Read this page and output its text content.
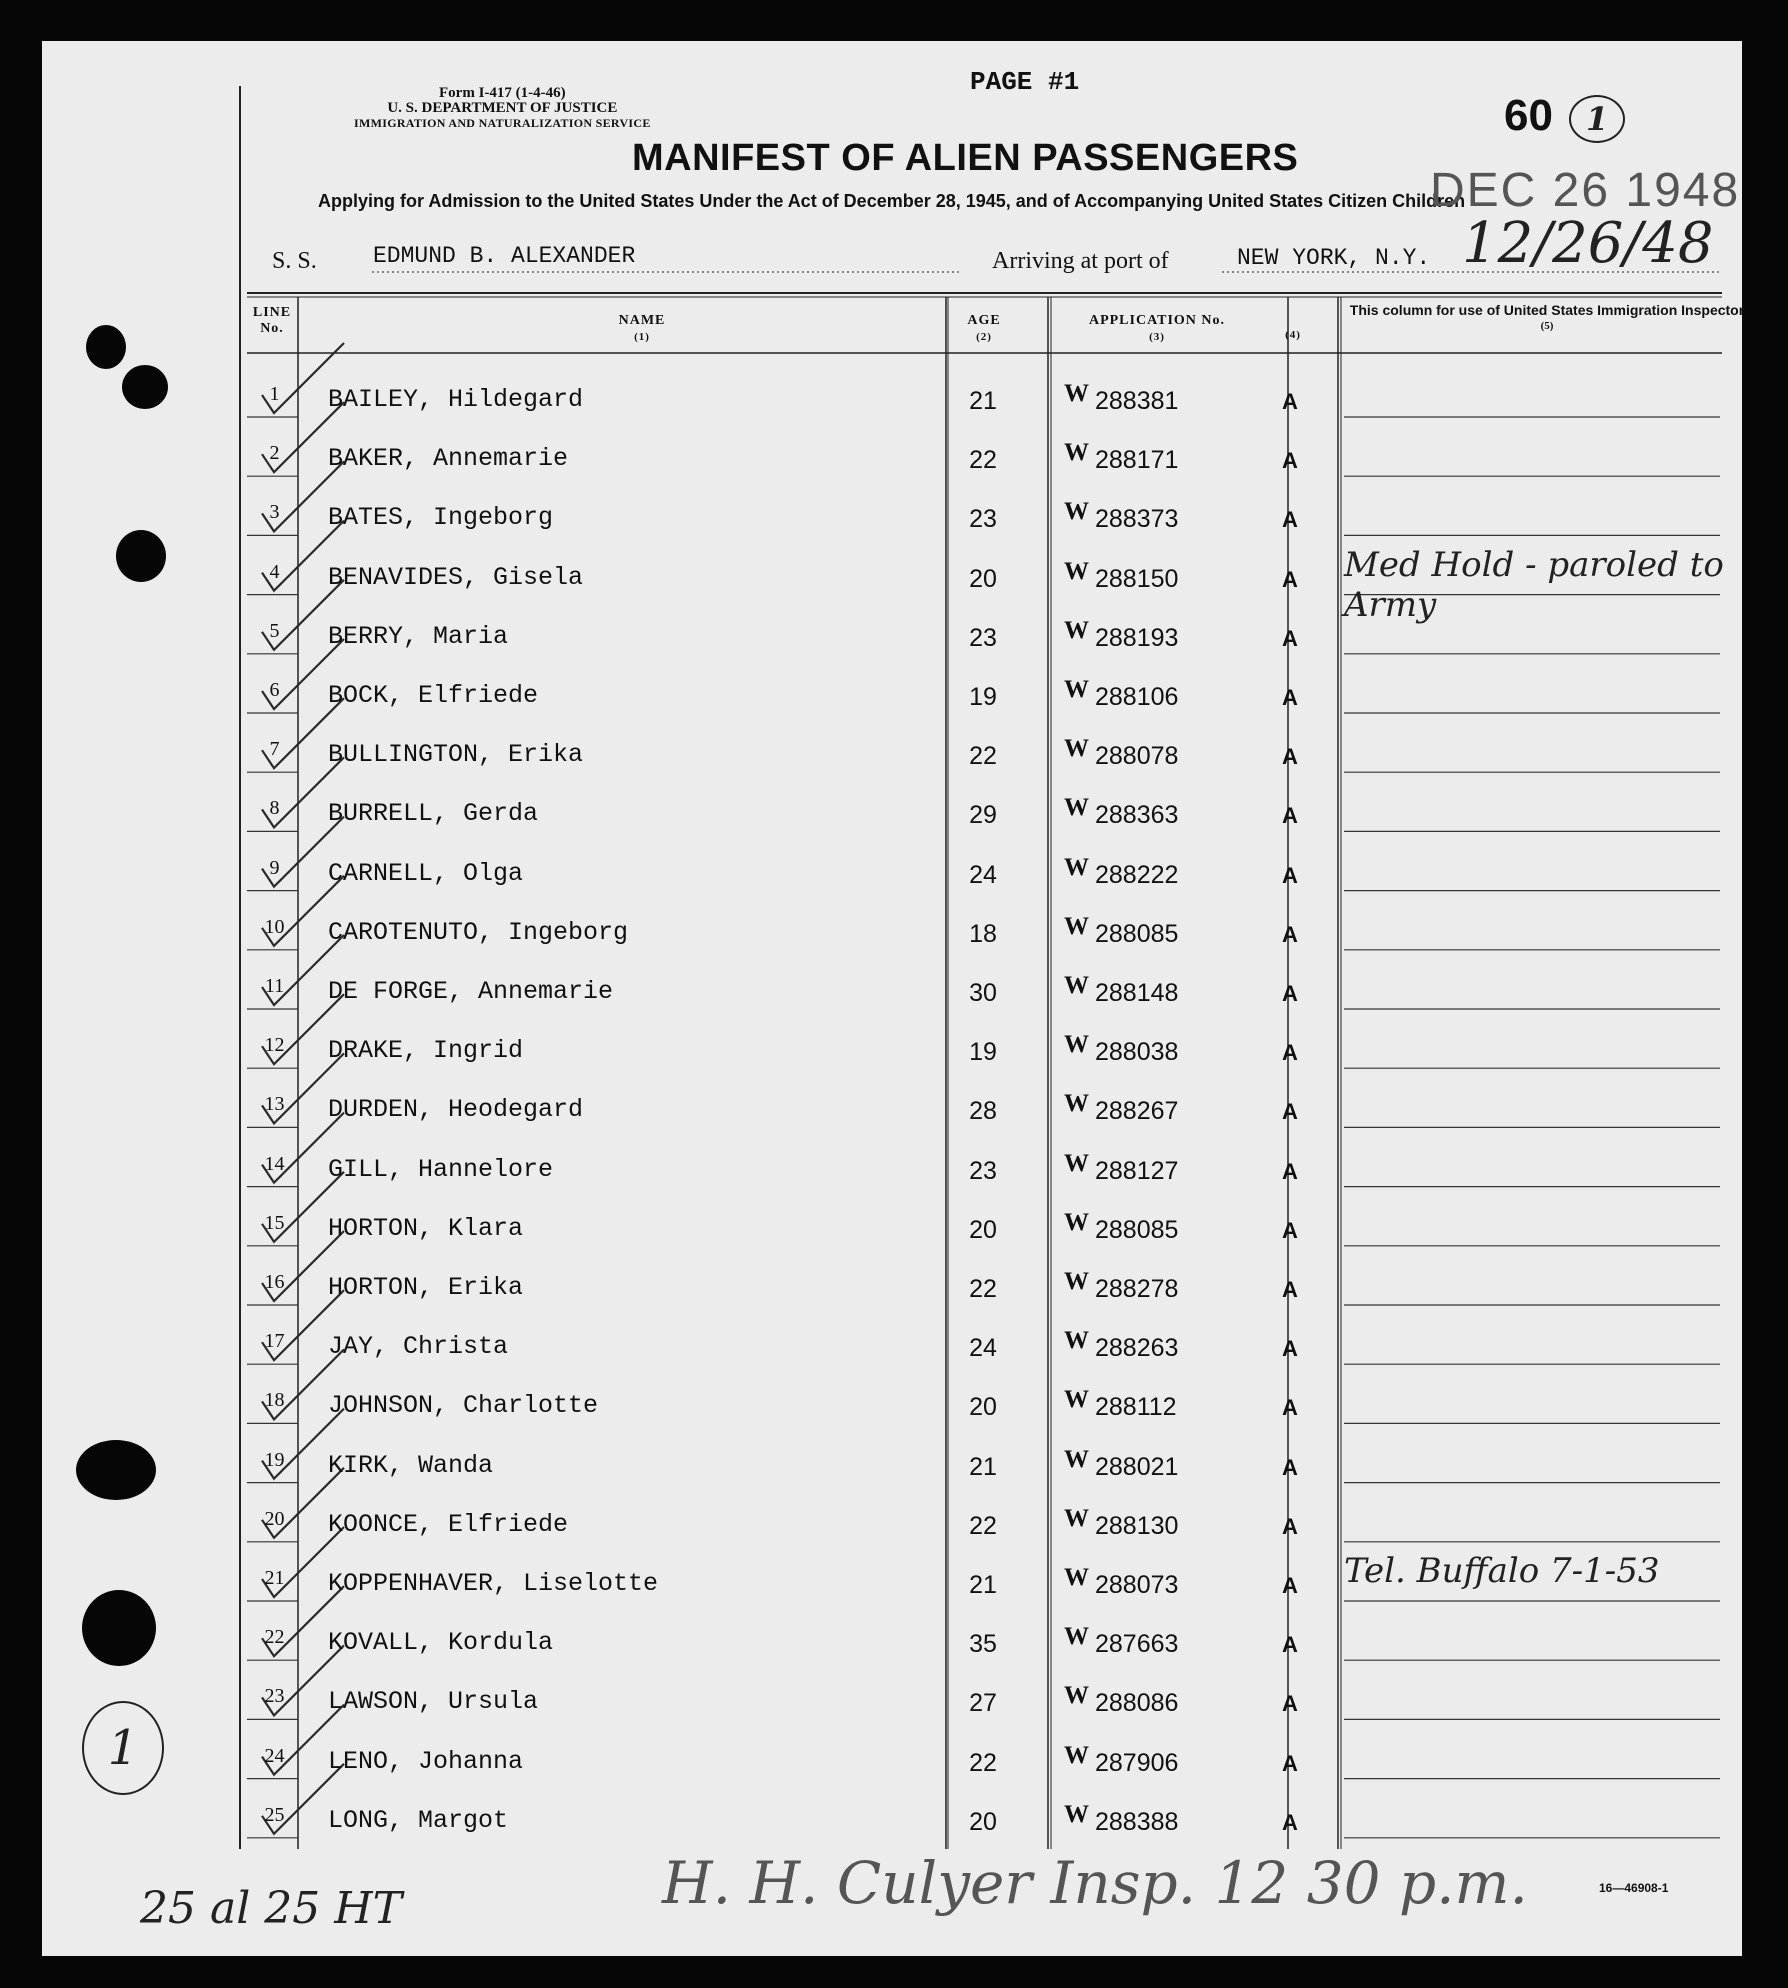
Form I-417 (1-4-46)
U. S. DEPARTMENT OF JUSTICE
IMMIGRATION AND NATURALIZATION SERVICE
PAGE #1
60 1
MANIFEST OF ALIEN PASSENGERS
Applying for Admission to the United States Under the Act of December 28, 1945, and of Accompanying United States Citizen Children
DEC 26 1948
S. S. EDMUND B. ALEXANDER	Arriving at port of	NEW YORK, N.Y. 12/26/48
LINE No.
NAME
(1)
AGE
(2)
APPLICATION No.
(3)	(4)
This column for use of United States Immigration Inspector
(5)
1	BAILEY, Hildegard	21	W 288381	A
2	BAKER, Annemarie	22	W 288171	A
3	BATES, Ingeborg	23	W 288373	A
4	BENAVIDES, Gisela	20	W 288150	A	Med Hold - paroled to Army
5	BERRY, Maria	23	W 288193	A
6	BOCK, Elfriede	19	W 288106	A
7	BULLINGTON, Erika	22	W 288078	A
8	BURRELL, Gerda	29	W 288363	A
9	CARNELL, Olga	24	W 288222	A
10	CAROTENUTO, Ingeborg	18	W 288085	A
11	DE FORGE, Annemarie	30	W 288148	A
12	DRAKE, Ingrid	19	W 288038	A
13	DURDEN, Heodegard	28	W 288267	A
14	GILL, Hannelore	23	W 288127	A
15	HORTON, Klara	20	W 288085	A
16	HORTON, Erika	22	W 288278	A
17	JAY, Christa	24	W 288263	A
18	JOHNSON, Charlotte	20	W 288112	A
19	KIRK, Wanda	21	W 288021	A
20	KOONCE, Elfriede	22	W 288130	A
21	KOPPENHAVER, Liselotte	21	W 288073	A	Tel. Buffalo 7-1-53
22	KOVALL, Kordula	35	W 287663	A
23	LAWSON, Ursula	27	W 288086	A
24	LENO, Johanna	22	W 287906	A
25	LONG, Margot	20	W 288388	A
1
25 al 25 HT	H. H. Culyer Insp. 12 30 p.m.	16—46908-1
